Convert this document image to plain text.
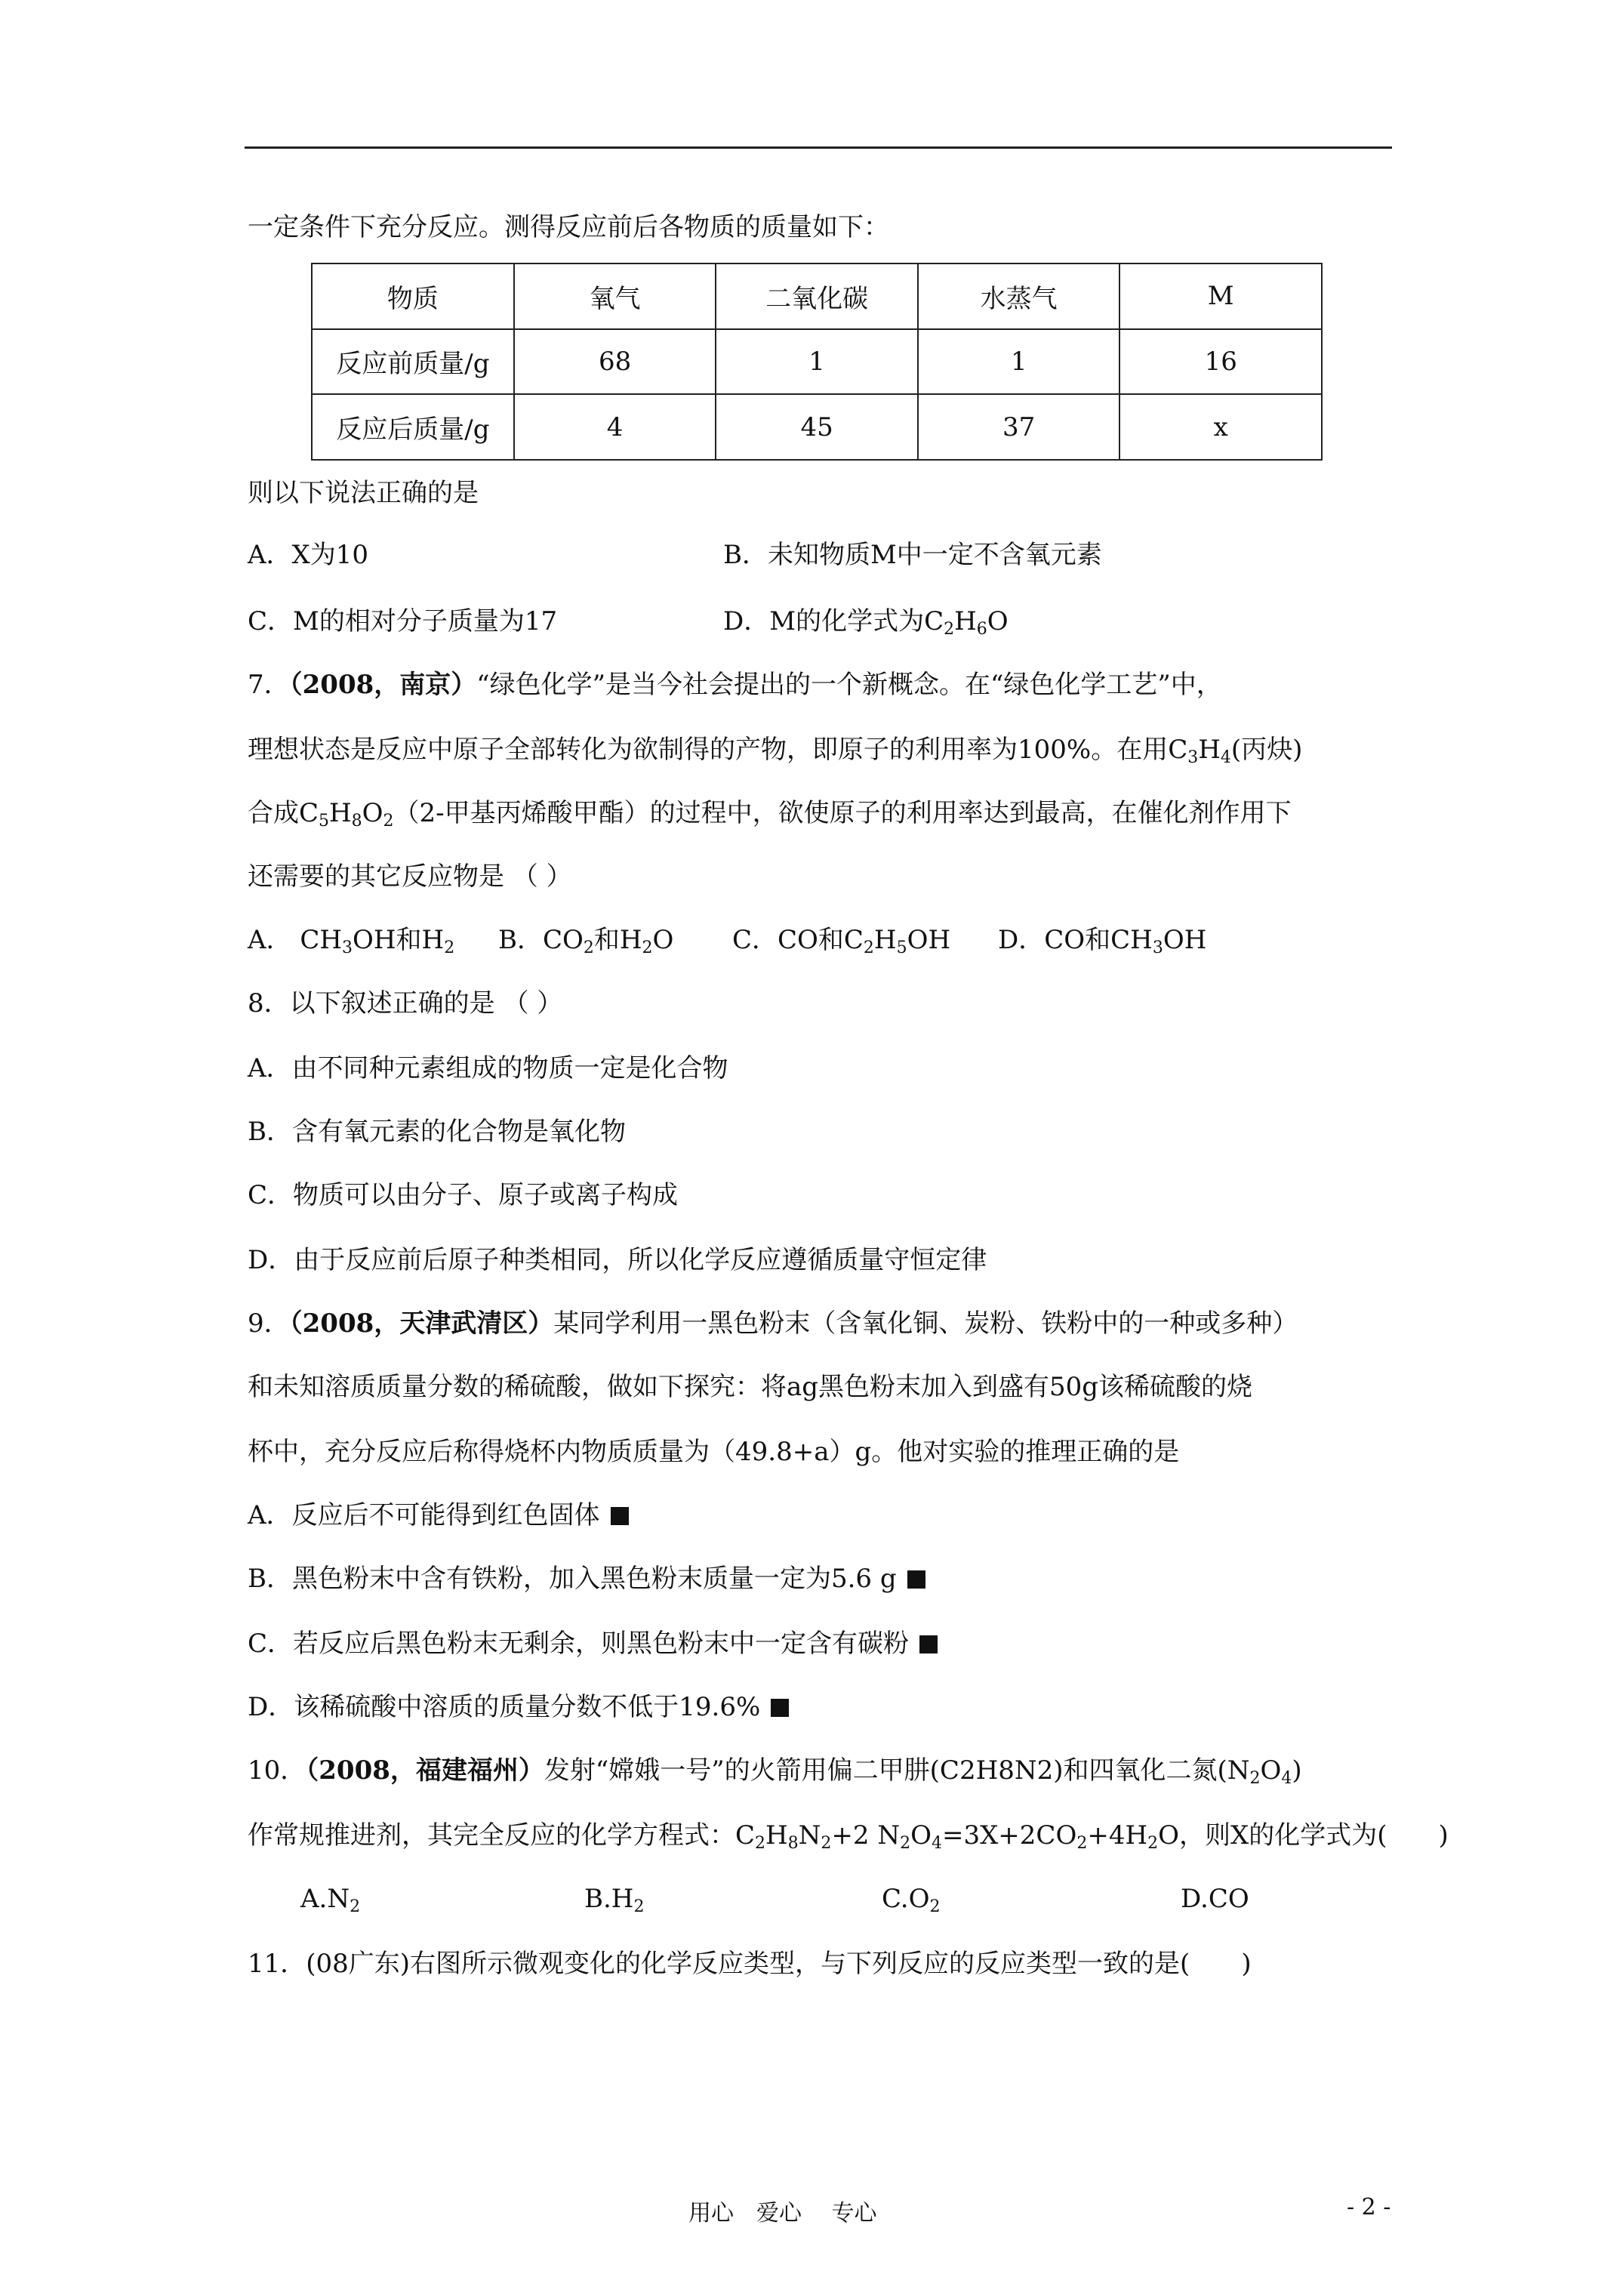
一定条件下充分反应。测得反应前后各物质的质量如下：
物质	氧气	二氧化碳	水蒸气	M
反应前质量/g	68	1	1	16
反应后质量/g	4	45	37	x
则以下说法正确的是
A．X为10	B．未知物质M中一定不含氧元素
C．M的相对分子质量为17	D．M的化学式为$C_2H_6O$
7．（2008，南京）“绿色化学”是当今社会提出的一个新概念。在“绿色化学工艺”中，
理想状态是反应中原子全部转化为欲制得的产物，即原子的利用率为100%。在用$C_3H_4$(丙炔)
合成$C_5H_8O_2(2-$甲基丙烯酸甲酯）的过程中，欲使原子的利用率达到最高，在催化剂作用下
还需要的其它反应物是 （ ）
A． $CH_3OH$和$H_2$ B．$CO_2$和$H_2O$ C．CO和$C_2H_5OH$ D．CO和$CH_3OH$
8．以下叙述正确的是 （ ）
A．由不同种元素组成的物质一定是化合物
B．含有氧元素的化合物是氧化物
C．物质可以由分子、原子或离子构成
D．由于反应前后原子种类相同，所以化学反应遵循质量守恒定律
9．（2008，天津武清区）某同学利用一黑色粉末（含氧化铜、炭粉、铁粉中的一种或多种）
和未知溶质质量分数的稀硫酸，做如下探究：将ag黑色粉末加入到盛有50g该稀硫酸的烧
杯中，充分反应后称得烧杯内物质质量为（49.8+a）g。他对实验的推理正确的是
A．反应后不可能得到红色固体
B．黑色粉末中含有铁粉，加入黑色粉末质量一定为5.6 g
C．若反应后黑色粉末无剩余，则黑色粉末中一定含有碳粉
D．该稀硫酸中溶质的质量分数不低于19.6%
10．（2008，福建福州）发射“嫦娥一号”的火箭用偏二甲肼(C2H8N2)和四氧化二氮$(N_2O_4)$
作常规推进剂，其完全反应的化学方程式：$C_2H_8N_2+2$ $N_2O_4=3X+2CO_2+4H_2O$，则X的化学式为(　　)
$A.N_2$	$B.H_2$	$C.O_2$	D.CO
11．(08广东)右图所示微观变化的化学反应类型，与下列反应的反应类型一致的是(　　)
用心　爱心　 专心	- 2 -
